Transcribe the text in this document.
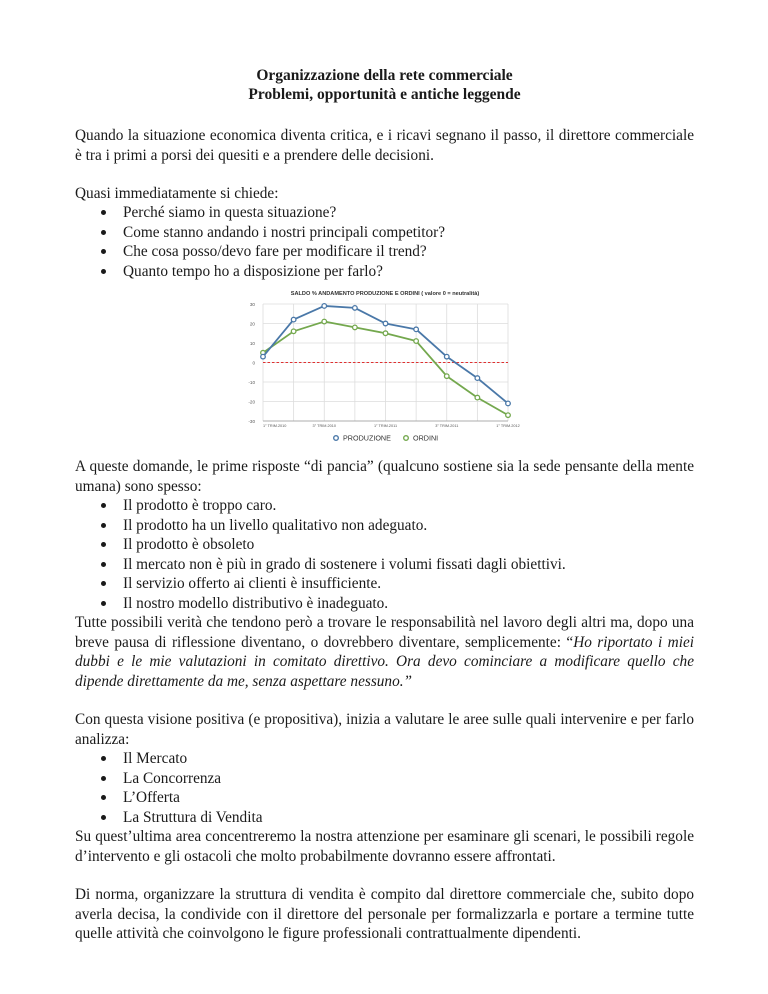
Organizzazione della rete commerciale
Problemi, opportunità e antiche leggende
Quando la situazione economica diventa critica, e i ricavi segnano il passo, il direttore commerciale è tra i primi a porsi dei quesiti e a prendere delle decisioni.
Quasi immediatamente si chiede:
Perché siamo in questa situazione?
Come stanno andando i nostri principali competitor?
Che cosa posso/devo fare per modificare il trend?
Quanto tempo ho a disposizione per farlo?
A queste domande, le prime risposte “di pancia” (qualcuno sostiene sia la sede pensante della mente umana) sono spesso:
Il prodotto è troppo caro.
Il prodotto ha un livello qualitativo non adeguato.
Il prodotto è obsoleto
Il mercato non è più in grado di sostenere i volumi fissati dagli obiettivi.
Il servizio offerto ai clienti è insufficiente.
Il nostro modello distributivo è inadeguato.
Tutte possibili verità che tendono però a trovare le responsabilità nel lavoro degli altri ma, dopo una breve pausa di riflessione diventano, o dovrebbero diventare, semplicemente: “Ho riportato i miei dubbi e le mie valutazioni in comitato direttivo. Ora devo cominciare a modificare quello che dipende direttamente da me, senza aspettare nessuno.”
Con questa visione positiva (e propositiva), inizia a valutare le aree sulle quali intervenire e per farlo analizza:
Il Mercato
La Concorrenza
L’Offerta
La Struttura di Vendita
Su quest’ultima area concentreremo la nostra attenzione per esaminare gli scenari, le possibili regole d’intervento e gli ostacoli che molto probabilmente dovranno essere affrontati.
Di norma, organizzare la struttura di vendita è compito dal direttore commerciale che, subito dopo averla decisa, la condivide con il direttore del personale per formalizzarla e portare a termine tutte quelle attività che coinvolgono le figure professionali contrattualmente dipendenti.
SALDO % ANDAMENTO PRODUZIONE E ORDINI ( valore 0 = neutralità)
30
20
10
0
-10
-20
-30
1° TRIM.2010	3° TRIM.2010	1° TRIM.2011	3° TRIM.2011	1° TRIM.2012
PRODUZIONE	ORDINI
